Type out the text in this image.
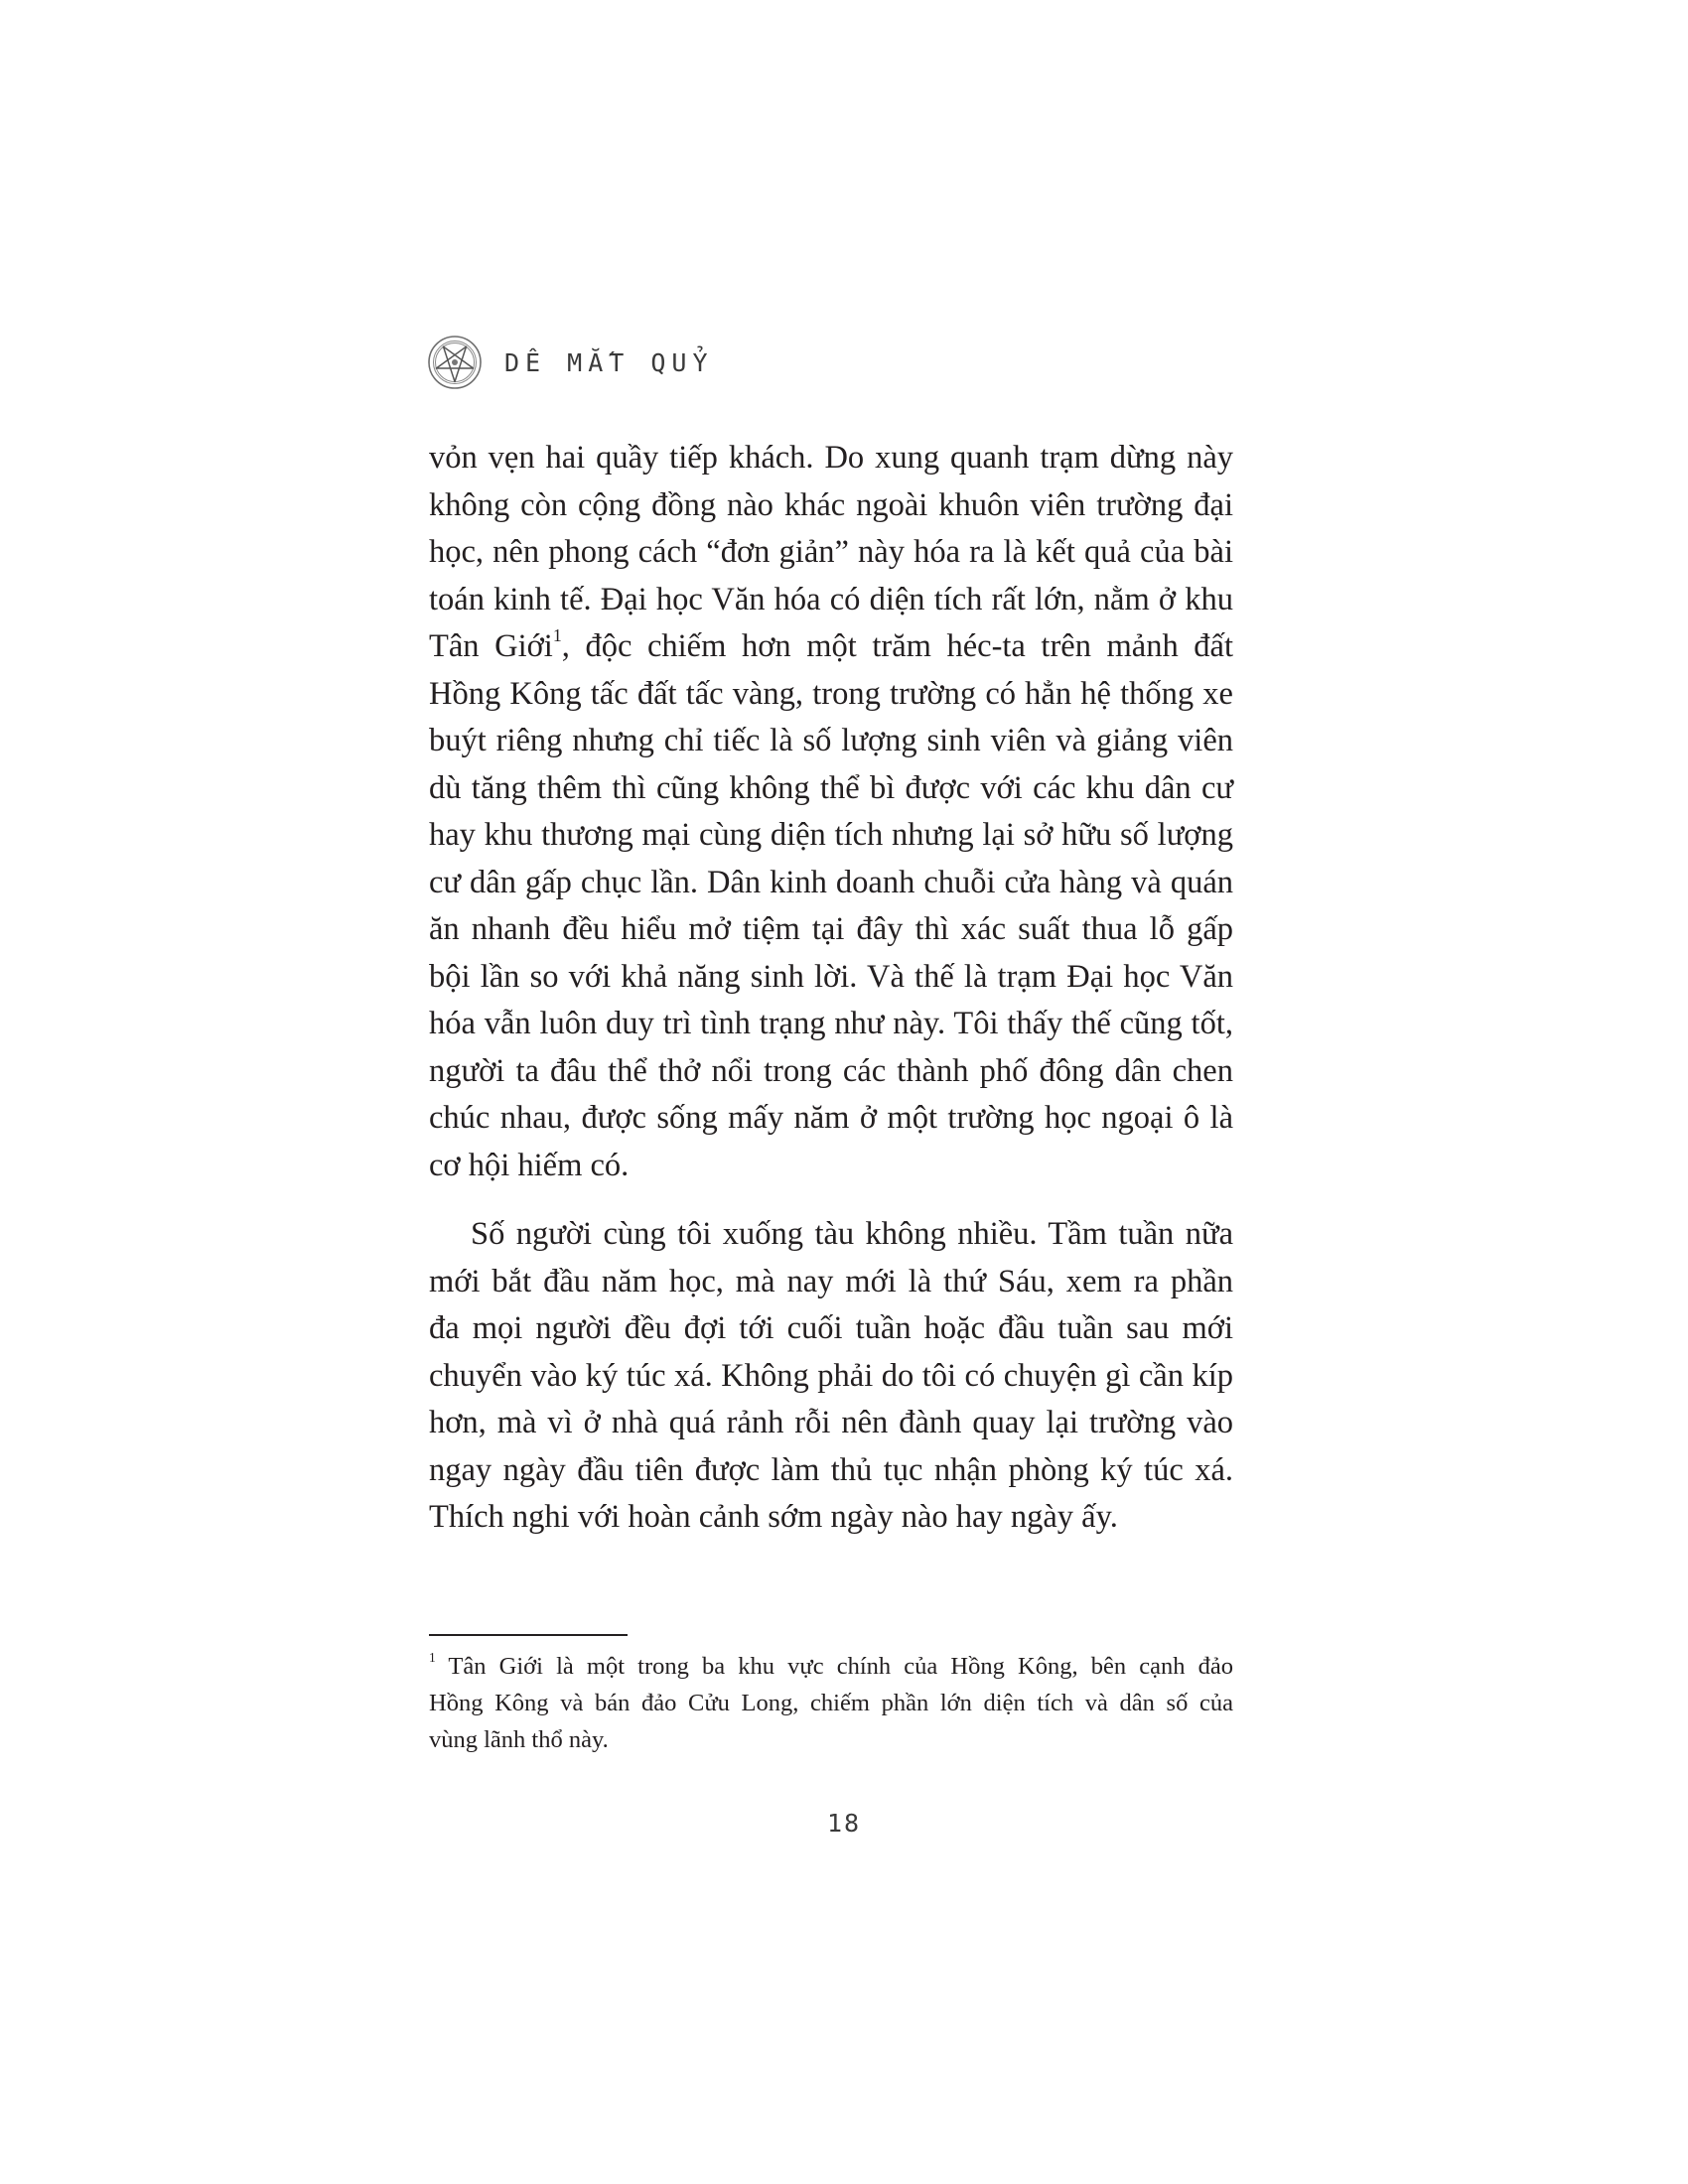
DÊ MẮT QUỶ

vỏn vẹn hai quầy tiếp khách. Do xung quanh trạm dừng này
không còn cộng đồng nào khác ngoài khuôn viên trường đại
học, nên phong cách “đơn giản” này hóa ra là kết quả của bài
toán kinh tế. Đại học Văn hóa có diện tích rất lớn, nằm ở khu
Tân Giới$^1$, độc chiếm hơn một trăm héc-ta trên mảnh đất
Hồng Kông tấc đất tấc vàng, trong trường có hẳn hệ thống xe
buýt riêng nhưng chỉ tiếc là số lượng sinh viên và giảng viên
dù tăng thêm thì cũng không thể bì được với các khu dân cư
hay khu thương mại cùng diện tích nhưng lại sở hữu số lượng
cư dân gấp chục lần. Dân kinh doanh chuỗi cửa hàng và quán
ăn nhanh đều hiểu mở tiệm tại đây thì xác suất thua lỗ gấp
bội lần so với khả năng sinh lời. Và thế là trạm Đại học Văn
hóa vẫn luôn duy trì tình trạng như này. Tôi thấy thế cũng tốt,
người ta đâu thể thở nổi trong các thành phố đông dân chen
chúc nhau, được sống mấy năm ở một trường học ngoại ô là
cơ hội hiếm có.

Số người cùng tôi xuống tàu không nhiều. Tầm tuần nữa
mới bắt đầu năm học, mà nay mới là thứ Sáu, xem ra phần
đa mọi người đều đợi tới cuối tuần hoặc đầu tuần sau mới
chuyển vào ký túc xá. Không phải do tôi có chuyện gì cần kíp
hơn, mà vì ở nhà quá rảnh rỗi nên đành quay lại trường vào
ngay ngày đầu tiên được làm thủ tục nhận phòng ký túc xá.
Thích nghi với hoàn cảnh sớm ngày nào hay ngày ấy.

$^1$ Tân Giới là một trong ba khu vực chính của Hồng Kông, bên cạnh đảo
Hồng Kông và bán đảo Cửu Long, chiếm phần lớn diện tích và dân số của
vùng lãnh thổ này.
18
